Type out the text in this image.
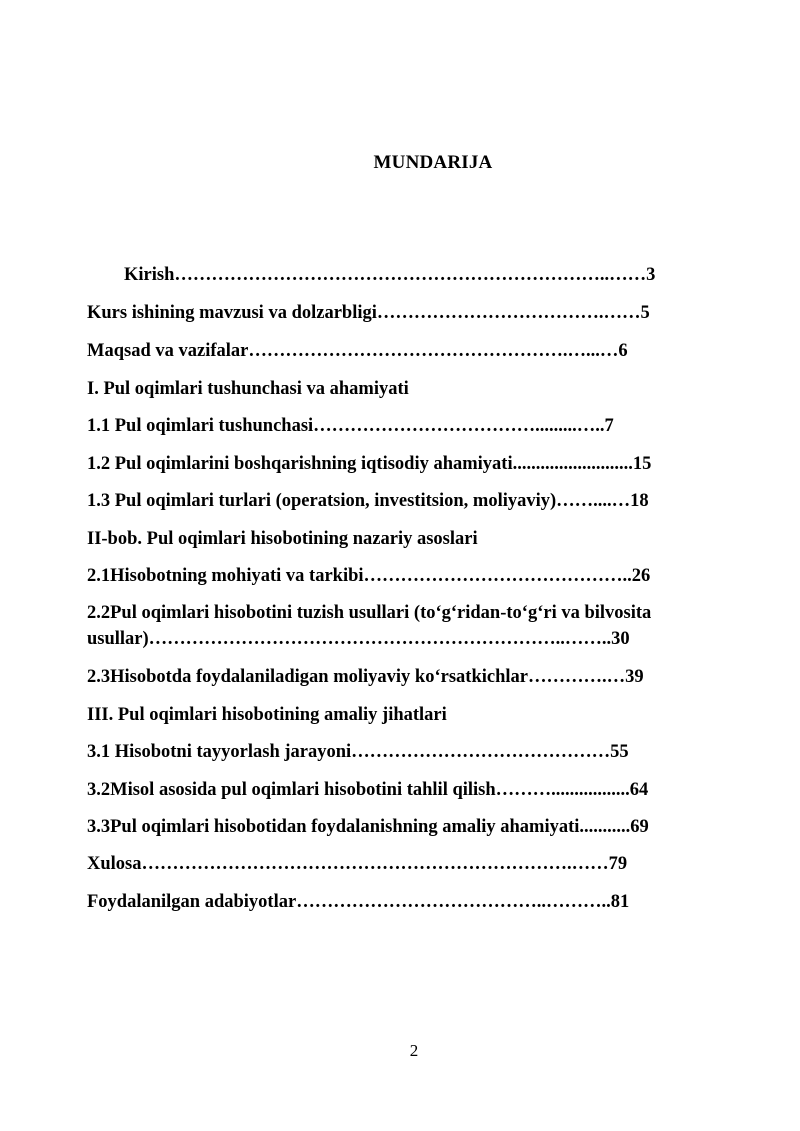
MUNDARIJA
Kirish……………………………………………………………..……3
Kurs ishining mavzusi va dolzarbligi……………………………….……5
Maqsad va vazifalar…………………………………………….…...…6
I. Pul oqimlari tushunchasi va ahamiyati
1.1 Pul oqimlari tushunchasi……………………………….........…..7
1.2 Pul oqimlarini boshqarishning iqtisodiy ahamiyati..........................15
1.3 Pul oqimlari turlari (operatsion, investitsion, moliyaviy)……....…18
II-bob. Pul oqimlari hisobotining nazariy asoslari
2.1Hisobotning mohiyati va tarkibi……………………………………..26
2.2Pul oqimlari hisobotini tuzish usullari (to‘g‘ridan-to‘g‘ri va bilvosita
usullar)…………………………………………………………..……..30
2.3Hisobotda foydalaniladigan moliyaviy ko‘rsatkichlar………….…39
III. Pul oqimlari hisobotining amaliy jihatlari
3.1 Hisobotni tayyorlash jarayoni……………………………………55
3.2Misol asosida pul oqimlari hisobotini tahlil qilish……….................64
3.3Pul oqimlari hisobotidan foydalanishning amaliy ahamiyati...........69
Xulosa…………………………………………………………….……79
Foydalanilgan adabiyotlar…………………………………..………..81
2
